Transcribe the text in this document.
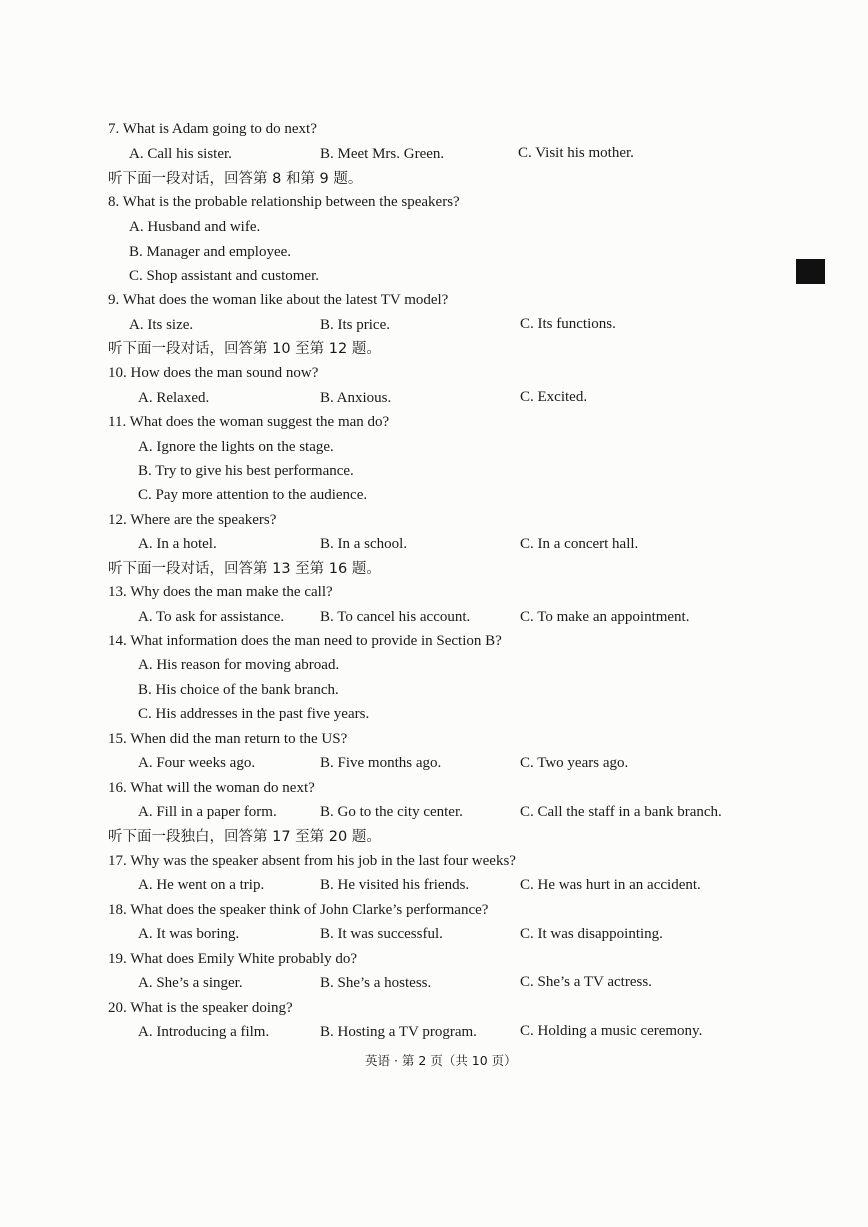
7. What is Adam going to do next?
A. Call his sister.	B. Meet Mrs. Green.	C. Visit his mother.
听下面一段对话，回答第 8 和第 9 题。
8. What is the probable relationship between the speakers?
A. Husband and wife.
B. Manager and employee.
C. Shop assistant and customer.
9. What does the woman like about the latest TV model?
A. Its size.	B. Its price.	C. Its functions.
听下面一段对话，回答第 10 至第 12 题。
10. How does the man sound now?
A. Relaxed.	B. Anxious.	C. Excited.
11. What does the woman suggest the man do?
A. Ignore the lights on the stage.
B. Try to give his best performance.
C. Pay more attention to the audience.
12. Where are the speakers?
A. In a hotel.	B. In a school.	C. In a concert hall.
听下面一段对话，回答第 13 至第 16 题。
13. Why does the man make the call?
A. To ask for assistance. B. To cancel his account.	C. To make an appointment.
14. What information does the man need to provide in Section B?
A. His reason for moving abroad.
B. His choice of the bank branch.
C. His addresses in the past five years.
15. When did the man return to the US?
A. Four weeks ago.	B. Five months ago.	C. Two years ago.
16. What will the woman do next?
A. Fill in a paper form.	B. Go to the city center.	C. Call the staff in a bank branch.
听下面一段独白，回答第 17 至第 20 题。
17. Why was the speaker absent from his job in the last four weeks?
A. He went on a trip.	B. He visited his friends.	C. He was hurt in an accident.
18. What does the speaker think of John Clarke’s performance?
A. It was boring.	B. It was successful.	C. It was disappointing.
19. What does Emily White probably do?
A. She’s a singer.	B. She’s a hostess.	C. She’s a TV actress.
20. What is the speaker doing?
A. Introducing a film.	B. Hosting a TV program.	C. Holding a music ceremony.
英语 · 第 2 页（共 10 页）
